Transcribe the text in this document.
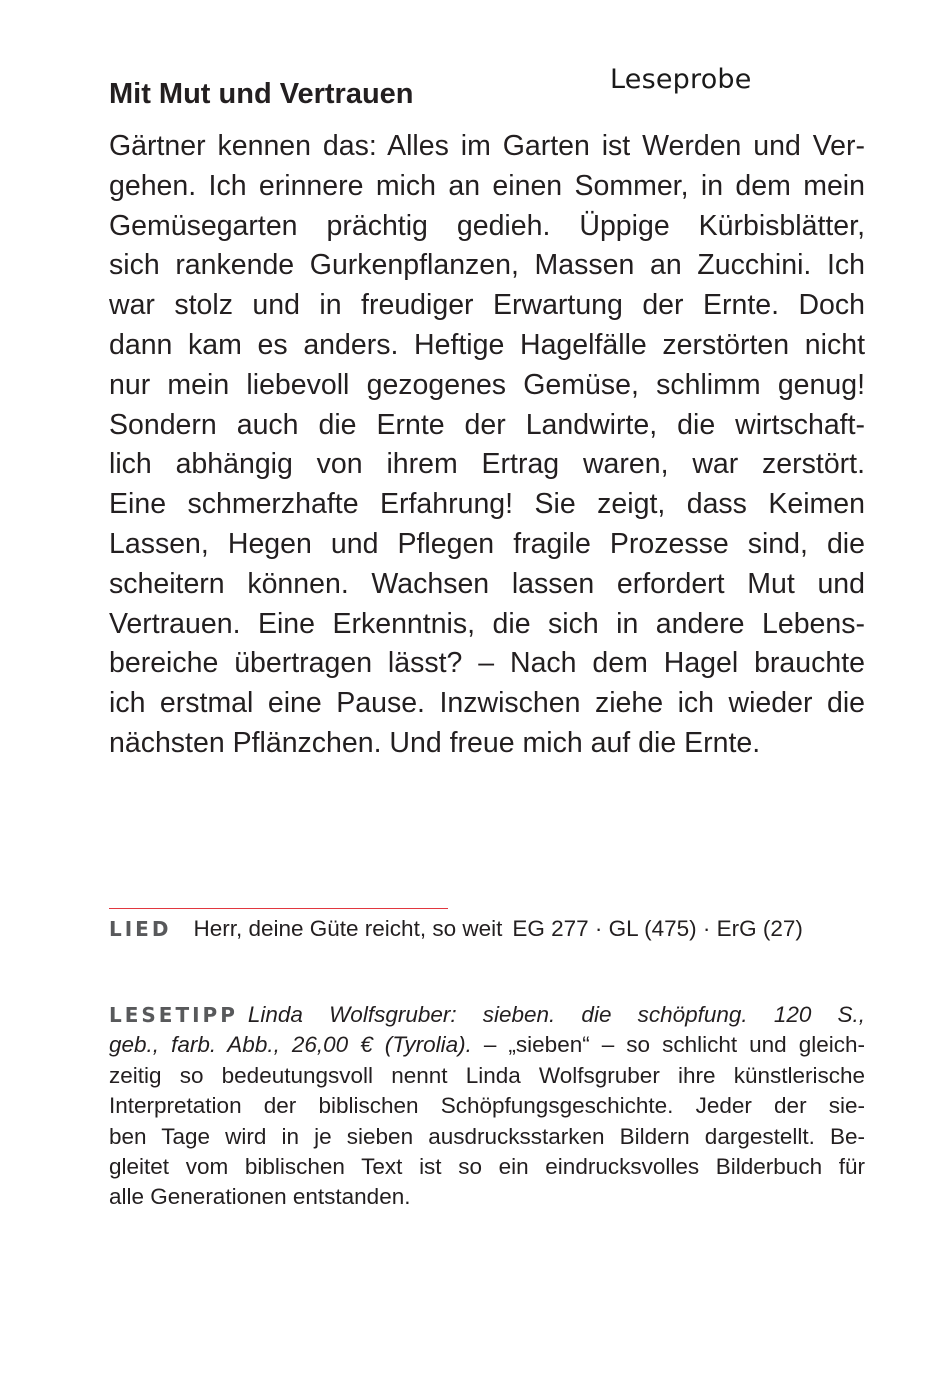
Leseprobe
Mit Mut und Vertrauen
Gärtner kennen das: Alles im Garten ist Werden und Ver-
gehen. Ich erinnere mich an einen Sommer, in dem mein
Gemüsegarten prächtig gedieh. Üppige Kürbisblätter,
sich rankende Gurkenpflanzen, Massen an Zucchini. Ich
war stolz und in freudiger Erwartung der Ernte. Doch
dann kam es anders. Heftige Hagelfälle zerstörten nicht
nur mein liebevoll gezogenes Gemüse, schlimm genug!
Sondern auch die Ernte der Landwirte, die wirtschaft-
lich abhängig von ihrem Ertrag waren, war zerstört.
Eine schmerzhafte Erfahrung! Sie zeigt, dass Keimen
Lassen, Hegen und Pflegen fragile Prozesse sind, die
scheitern können. Wachsen lassen erfordert Mut und
Vertrauen. Eine Erkenntnis, die sich in andere Lebens-
bereiche übertragen lässt? – Nach dem Hagel brauchte
ich erstmal eine Pause. Inzwischen ziehe ich wieder die
nächsten Pflänzchen. Und freue mich auf die Ernte.
LIED Herr, deine Güte reicht, so weit EG 277 · GL (475) · ErG (27)
LESETIPP Linda Wolfsgruber: sieben. die schöpfung. 120 S.,
geb., farb. Abb., 26,00 € (Tyrolia). – „sieben“ – so schlicht und gleich-
zeitig so bedeutungsvoll nennt Linda Wolfsgruber ihre künstlerische
Interpretation der biblischen Schöpfungsgeschichte. Jeder der sie-
ben Tage wird in je sieben ausdrucksstarken Bildern dargestellt. Be-
gleitet vom biblischen Text ist so ein eindrucksvolles Bilderbuch für
alle Generationen entstanden.
